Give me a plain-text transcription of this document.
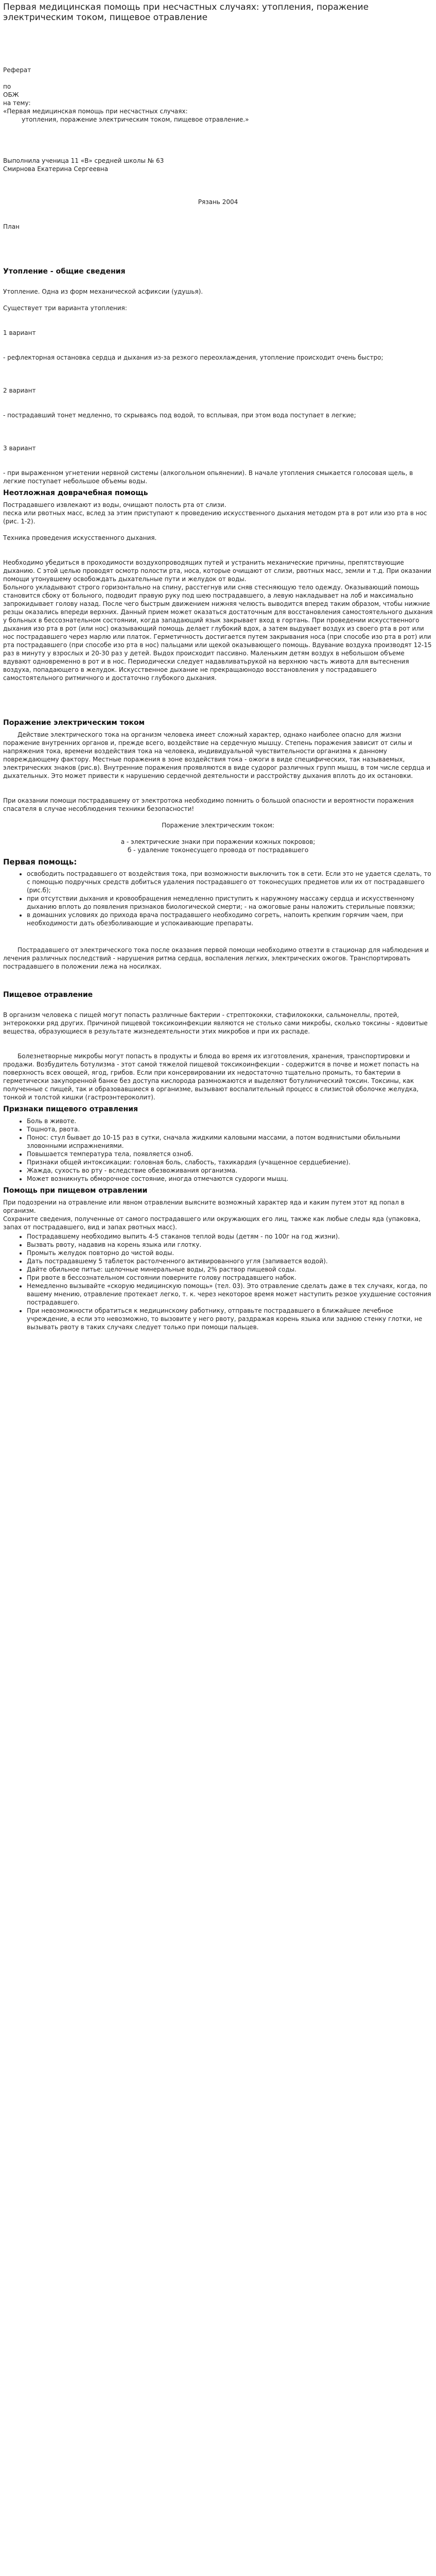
Первая медицинская помощь при несчастных случаях: утопления, поражение электрическим током, пищевое отравление

Реферат

по

ОБЖ

на тему:

«Первая медицинская помощь при несчастных случаях:

утопления, поражение электрическим током, пищевое отравление.»

Выполнила ученица 11 «В» средней школы № 63

Смирнова Екатерина Сергеевна

Рязань 2004

План

Утопление - общие сведения

Утопление. Одна из форм механической асфиксии (удушья).

Существует три варианта утопления:

1 вариант

- рефлекторная остановка сердца и дыхания из-за резкого переохлаждения, утопление происходит очень быстро;

2 вариант

- пострадавший тонет медленно, то скрываясь под водой, то всплывая, при этом вода поступает в легкие;

3 вариант

- при выраженном угнетении нервной системы (алкогольном опьянении). В начале утопления смыкается голосовая щель, в легкие поступает небольшое объемы воды.

Неотложная доврачебная помощь

Пострадавшего извлекают из воды, очищают полость рта от слизи.

песка или рвотных масс, вслед за этим приступают к проведению искусственного дыхания методом рта в рот или изо рта в нос (рис. 1-2).

Техника проведения искусственного дыхания.

Необходимо убедиться в проходимости воздухопроводящих путей и устранить механические причины, препятствующие дыханию. С этой целью проводят осмотр полости рта, носа, которые очищают от слизи, рвотных масс, земли и т.д. При оказании помощи утонувшему освобождать дыхательные пути и желудок от воды.

Больного укладывают строго горизонтально на спину, расстегнув или сняв стесняющую тело одежду. Оказывающий помощь становится сбоку от больного, подводит правую руку под шею пострадавшего, а левую накладывает на лоб и максимально запрокидывает голову назад. После чего быстрым движением нижняя челюсть выводится вперед таким образом, чтобы нижние резцы оказались впереди верхних. Данный прием может оказаться достаточным для восстановления самостоятельного дыхания у больных в бессознательном состоянии, когда западающий язык закрывает вход в гортань. При проведении искусственного дыхания изо рта в рот (или нос) оказывающий помощь делает глубокий вдох, а затем выдувает воздух из своего рта в рот или нос пострадавшего через марлю или платок. Герметичность достигается путем закрывания носа (при способе изо рта в рот) или рта пострадавшего (при способе изо рта в нос) пальцами или щекой оказывающего помощь. Вдувание воздуха производят 12-15 раз в минуту у взрослых и 20-30 раз у детей. Выдох происходит пассивно. Маленьким детям воздух в небольшом объеме вдувают одновременно в рот и в нос. Периодически следует надавливатьрукой на верхнюю часть живота для вытеснения воздуха, попадающего в желудок. Искусственное дыхание не прекращаюнодо восстановления у пострадавшего самостоятельного ритмичного и достаточно глубокого дыхания.

Поражение электрическим током

Действие электрического тока на организм человека имеет сложный характер, однако наиболее опасно для жизни поражение внутренних органов и, прежде всего, воздействие на сердечную мышцу. Степень поражения зависит от силы и напряжения тока, времени воздействия тока на человека, индивидуальной чувствительности организма к данному повреждающему фактору. Местные поражения в зоне воздействия тока - ожоги в виде специфических, так называемых, электрических знаков (рис.в). Внутренние поражения проявляются в виде судорог различных групп мышц, в том числе сердца и дыхательных. Это может привести к нарушению сердечной деятельности и расстройству дыхания вплоть до их остановки.

При оказании помощи пострадавшему от электротока необходимо помнить о большой опасности и вероятности поражения спасателя в случае несоблюдения техники безопасности!

Поражение электрическим током:

а - электрические знаки при поражении кожных покровов;

б - удаление токонесущего провода от пострадавшего

Первая помощь:
• освободить пострадавшего от воздействия тока, при возможности выключить ток в сети. Если это не удается сделать, то с помощью подручных средств добиться удаления пострадавшего от токонесущих предметов или их от пострадавшего (рис.б);
• при отсутствии дыхания и кровообращения немедленно приступить к наружному массажу сердца и искусственному дыханию вплоть до появления признаков биологической смерти; - на ожоговые раны наложить стерильные повязки;
• в домашних условиях до прихода врача пострадавшего необходимо согреть, напоить крепким горячим чаем, при необходимости дать обезболивающие и успокаивающие препараты.

Пострадавшего от электрического тока после оказания первой помощи необходимо отвезти в стационар для наблюдения и лечения различных последствий - нарушения ритма сердца, воспаления легких, электрических ожогов. Транспортировать пострадавшего в положении лежа на носилках.

Пищевое отравление

В организм человека с пищей могут попасть различные бактерии - стрептококки, стафилококки, сальмонеллы, протей, энтерококки ряд других. Причиной пищевой токсикоинфекции являются не столько сами микробы, сколько токсины - ядовитые вещества, образующиеся в результате жизнедеятельности этих микробов и при их распаде.

Болезнетворные микробы могут попасть в продукты и блюда во время их изготовления, хранения, транспортировки и продажи. Возбудитель ботулизма - этот самой тяжелой пищевой токсикоинфекции - содержится в почве и может попасть на поверхность всех овощей, ягод, грибов. Если при консервировании их недостаточно тщательно промыть, то бактерии в герметически закупоренной банке без доступа кислорода размножаются и выделяют ботулинический токсин. Токсины, как полученные с пищей, так и образовавшиеся в организме, вызывают воспалительный процесс в слизистой оболочке желудка, тонкой и толстой кишки (гастроэнтероколит).

Признаки пищевого отравления
• Боль в животе.
• Тошнота, рвота.
• Понос: стул бывает до 10-15 раз в сутки, сначала жидкими каловыми массами, а потом водянистыми обильными зловонными испражнениями.
• Повышается температура тела, появляется озноб.
• Признаки общей интоксикации: головная боль, слабость, тахикардия (учащенное сердцебиение).
• Жажда, сухость во рту - вследствие обезвоживания организма.
• Может возникнуть обморочное состояние, иногда отмечаются судороги мышц.
Помощь при пищевом отравлении

При подозрении на отравление или явном отравлении выясните возможный характер яда и каким путем этот яд попал в организм.

Сохраните сведения, полученные от самого пострадавшего или окружающих его лиц, также как любые следы яда (упаковка, запах от пострадавшего, вид и запах рвотных масс).

• Пострадавшему необходимо выпить 4-5 стаканов теплой воды (детям - по 100г на год жизни).
• Вызвать рвоту, надавив на корень языка или глотку.
• Промыть желудок повторно до чистой воды.
• Дать пострадавшему 5 таблеток растолченного активированного угля (запивается водой).
• Дайте обильное питье: щелочные минеральные воды, 2% раствор пищевой соды.
• При рвоте в бессознательном состоянии поверните голову пострадавшего набок.
• Немедленно вызывайте «скорую медицинскую помощь» (тел. 03). Это отравление сделать даже в тех случаях, когда, по вашему мнению, отравление протекает легко, т. к. через некоторое время может наступить резкое ухудшение состояния пострадавшего.
• При невозможности обратиться к медицинскому работнику, отправьте пострадавшего в ближайшее лечебное учреждение, а если это невозможно, то вызовите у него рвоту, раздражая корень языка или заднюю стенку глотки, не вызывать рвоту в таких случаях следует только при помощи пальцев.
